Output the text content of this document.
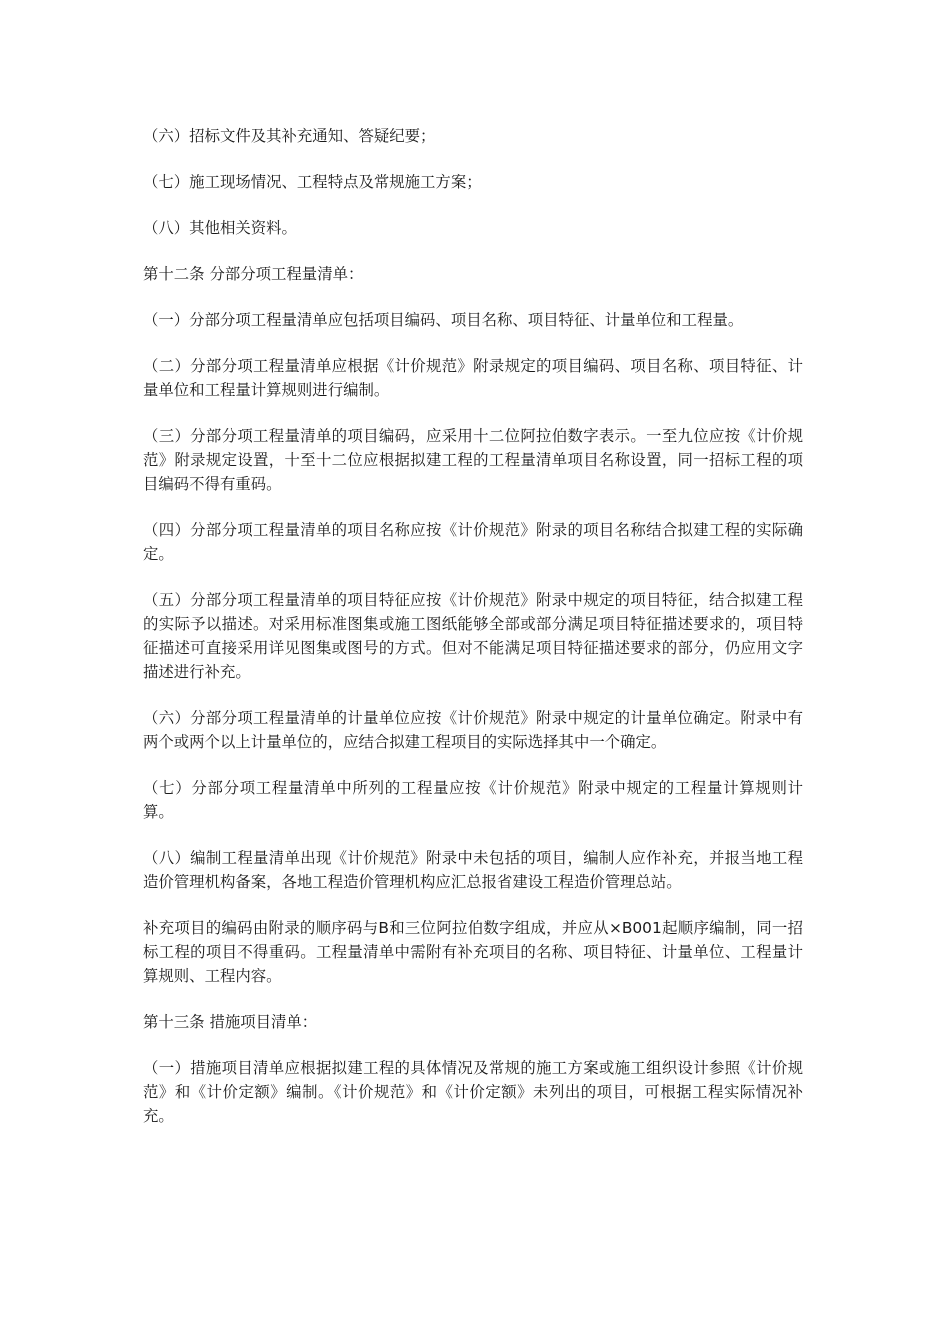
（六）招标文件及其补充通知、答疑纪要；

（七）施工现场情况、工程特点及常规施工方案；

（八）其他相关资料。

第十二条 分部分项工程量清单：

（一）分部分项工程量清单应包括项目编码、项目名称、项目特征、计量单位和工程量。

（二）分部分项工程量清单应根据《计价规范》附录规定的项目编码、项目名称、项目特征、计量单位和工程量计算规则进行编制。

（三）分部分项工程量清单的项目编码，应采用十二位阿拉伯数字表示。一至九位应按《计价规范》附录规定设置，十至十二位应根据拟建工程的工程量清单项目名称设置，同一招标工程的项目编码不得有重码。

（四）分部分项工程量清单的项目名称应按《计价规范》附录的项目名称结合拟建工程的实际确定。

（五）分部分项工程量清单的项目特征应按《计价规范》附录中规定的项目特征，结合拟建工程的实际予以描述。对采用标准图集或施工图纸能够全部或部分满足项目特征描述要求的，项目特征描述可直接采用详见图集或图号的方式。但对不能满足项目特征描述要求的部分，仍应用文字描述进行补充。

（六）分部分项工程量清单的计量单位应按《计价规范》附录中规定的计量单位确定。附录中有两个或两个以上计量单位的，应结合拟建工程项目的实际选择其中一个确定。

（七）分部分项工程量清单中所列的工程量应按《计价规范》附录中规定的工程量计算规则计算。

（八）编制工程量清单出现《计价规范》附录中未包括的项目，编制人应作补充，并报当地工程造价管理机构备案，各地工程造价管理机构应汇总报省建设工程造价管理总站。

补充项目的编码由附录的顺序码与B和三位阿拉伯数字组成，并应从×B001起顺序编制，同一招标工程的项目不得重码。工程量清单中需附有补充项目的名称、项目特征、计量单位、工程量计算规则、工程内容。

第十三条 措施项目清单：

（一）措施项目清单应根据拟建工程的具体情况及常规的施工方案或施工组织设计参照《计价规范》和《计价定额》编制。《计价规范》和《计价定额》未列出的项目，可根据工程实际情况补充。
